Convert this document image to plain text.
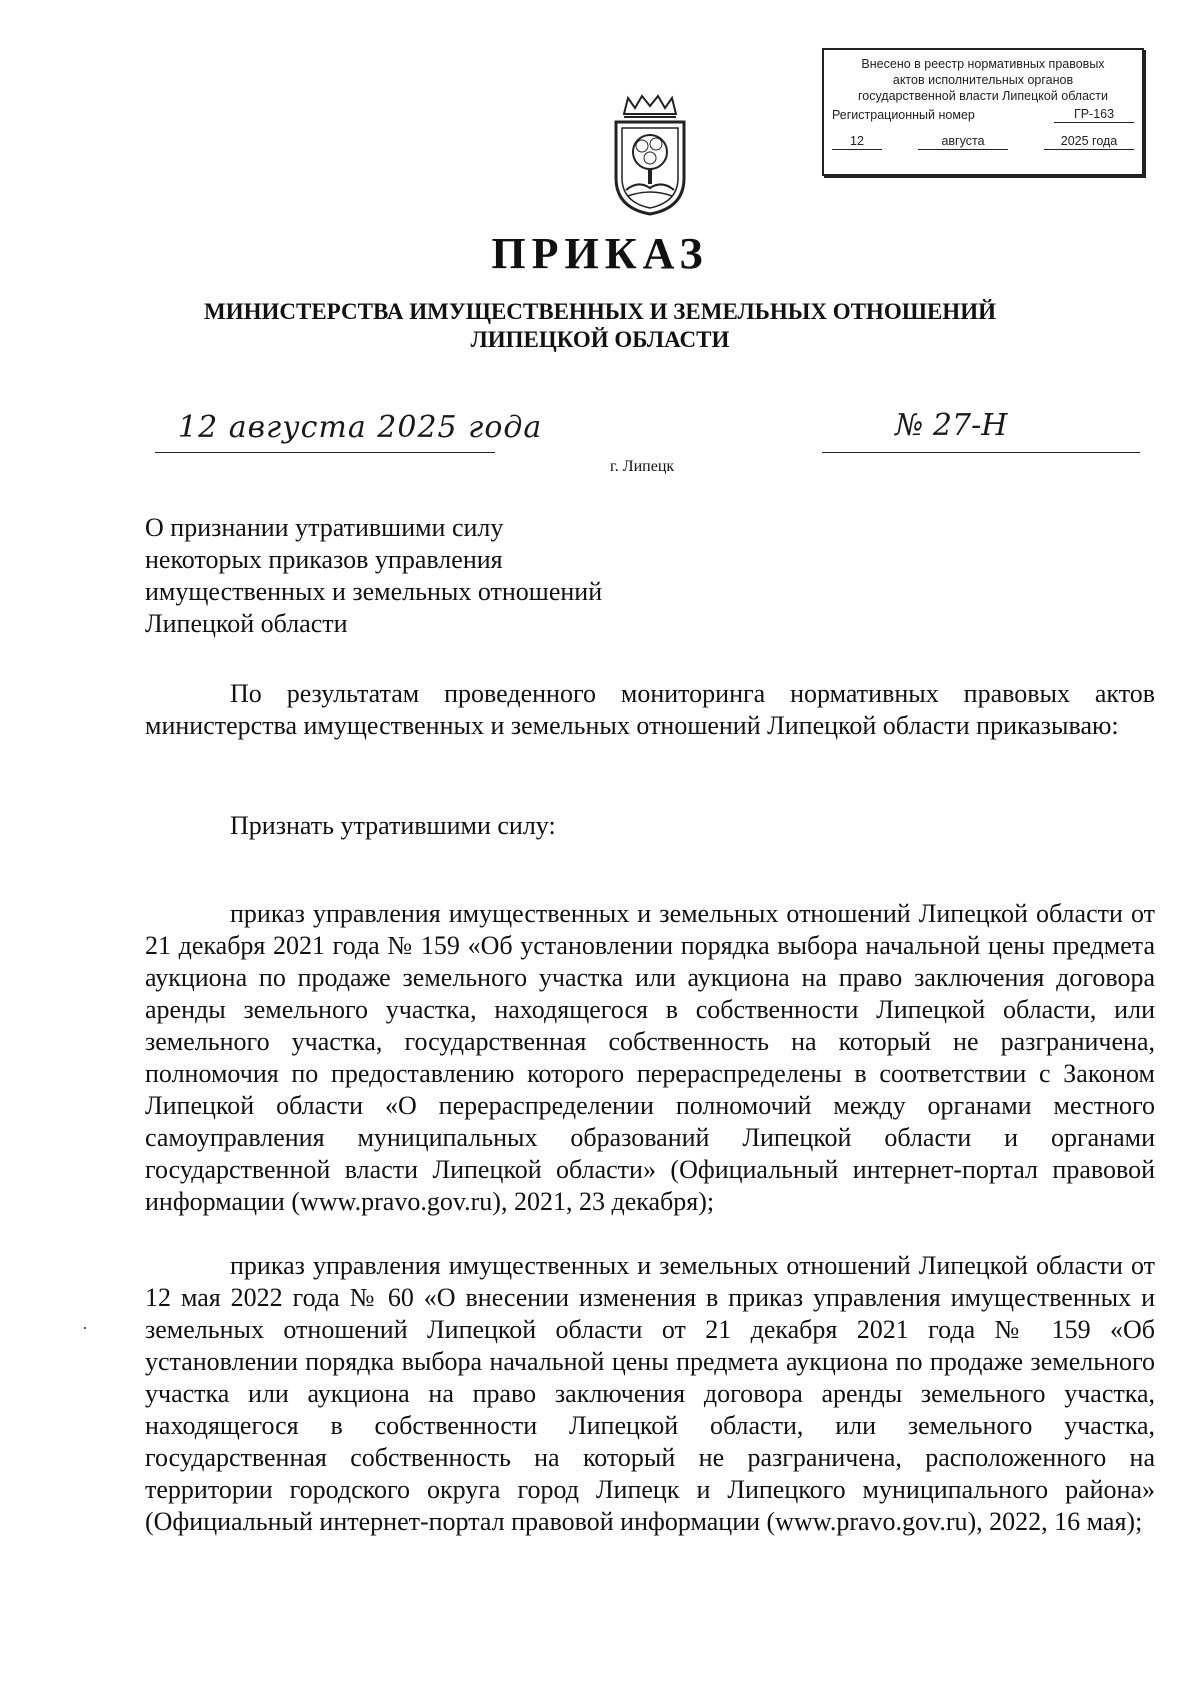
Внесено в реестр нормативных правовых
актов исполнительных органов
государственной власти Липецкой области
Регистрационный номер	ГР-163
12	августа	2025 года
ПРИКАЗ
МИНИСТЕРСТВА ИМУЩЕСТВЕННЫХ И ЗЕМЕЛЬНЫХ ОТНОШЕНИЙ
ЛИПЕЦКОЙ ОБЛАСТИ
12 августа 2025 года	№ 27-Н
г. Липецк
О признании утратившими силу некоторых приказов управления имущественных и земельных отношений Липецкой области
По результатам проведенного мониторинга нормативных правовых актов министерства имущественных и земельных отношений Липецкой области приказываю:
Признать утратившими силу:
приказ управления имущественных и земельных отношений Липецкой области от 21 декабря 2021 года № 159 «Об установлении порядка выбора начальной цены предмета аукциона по продаже земельного участка или аукциона на право заключения договора аренды земельного участка, находящегося в собственности Липецкой области, или земельного участка, государственная собственность на который не разграничена, полномочия по предоставлению которого перераспределены в соответствии с Законом Липецкой области «О перераспределении полномочий между органами местного самоуправления муниципальных образований Липецкой области и органами государственной власти Липецкой области» (Официальный интернет-портал правовой информации (www.pravo.gov.ru), 2021, 23 декабря);
приказ управления имущественных и земельных отношений Липецкой области от 12 мая 2022 года № 60 «О внесении изменения в приказ управления имущественных и земельных отношений Липецкой области от 21 декабря 2021 года № 159 «Об установлении порядка выбора начальной цены предмета аукциона по продаже земельного участка или аукциона на право заключения договора аренды земельного участка, находящегося в собственности Липецкой области, или земельного участка, государственная собственность на который не разграничена, расположенного на территории городского округа город Липецк и Липецкого муниципального района» (Официальный интернет-портал правовой информации (www.pravo.gov.ru), 2022, 16 мая);
